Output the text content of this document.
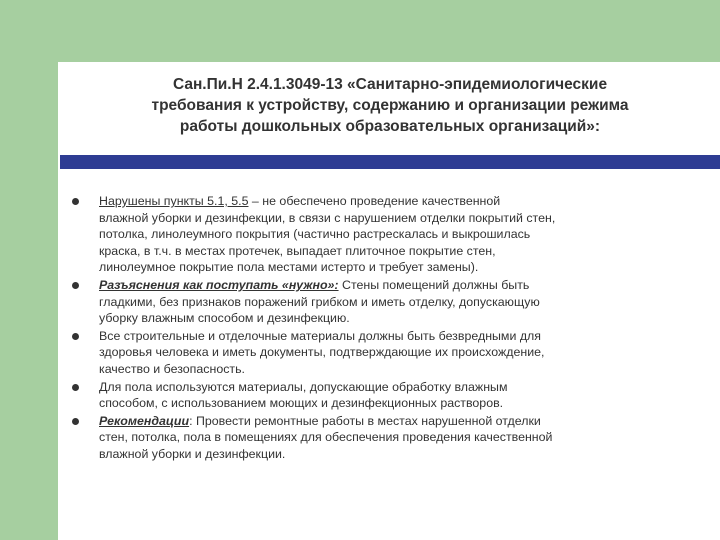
Сан.Пи.Н 2.4.1.3049-13 «Санитарно-эпидемиологические
требования к устройству, содержанию и организации режима
работы дошкольных образовательных организаций»:
Нарушены пункты 5.1, 5.5 – не обеспечено проведение качественной
влажной уборки и дезинфекции, в связи с нарушением отделки покрытий стен,
потолка, линолеумного покрытия (частично растрескалась и выкрошилась
краска, в т.ч. в местах протечек, выпадает плиточное покрытие стен,
линолеумное покрытие пола местами истерто и требует замены).
Разъяснения как поступать «нужно»: Стены помещений должны быть
гладкими, без признаков поражений грибком и иметь отделку, допускающую
уборку влажным способом и дезинфекцию.
Все строительные и отделочные материалы должны быть безвредными для
здоровья человека и иметь документы, подтверждающие их происхождение,
качество и безопасность.
Для пола используются материалы, допускающие обработку влажным
способом, с использованием моющих и дезинфекционных растворов.
Рекомендации: Провести ремонтные работы в местах нарушенной отделки
стен, потолка, пола в помещениях для обеспечения проведения качественной
влажной уборки и дезинфекции.
